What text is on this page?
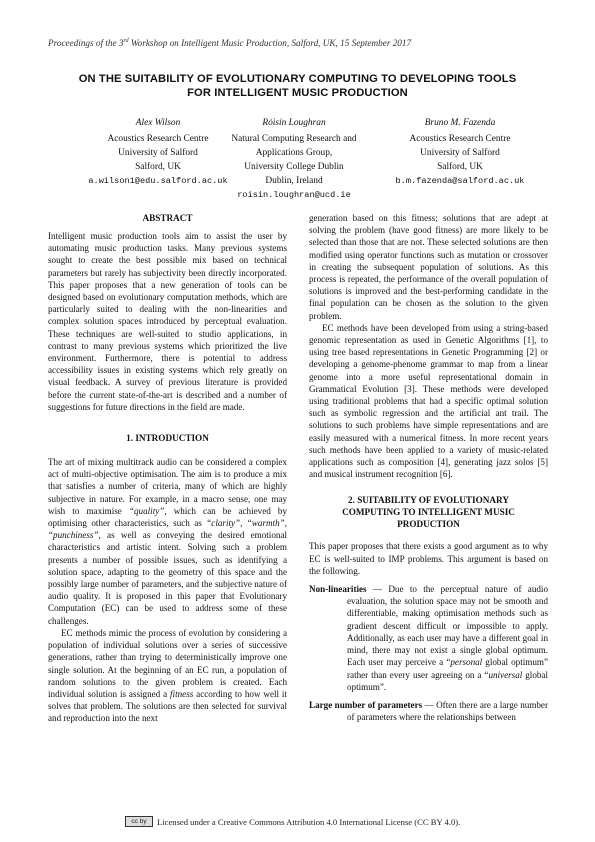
Proceedings of the 3rd Workshop on Intelligent Music Production, Salford, UK, 15 September 2017
ON THE SUITABILITY OF EVOLUTIONARY COMPUTING TO DEVELOPING TOOLS
FOR INTELLIGENT MUSIC PRODUCTION
Alex Wilson
Acoustics Research Centre
University of Salford
Salford, UK
a.wilson1@edu.salford.ac.uk
Róisín Loughran
Natural Computing Research and
Applications Group,
University College Dublin
Dublin, Ireland
roisin.loughran@ucd.ie
Bruno M. Fazenda
Acoustics Research Centre
University of Salford
Salford, UK
b.m.fazenda@salford.ac.uk
ABSTRACT

Intelligent music production tools aim to assist the user by automating music production tasks. Many previous systems sought to create the best possible mix based on technical parameters but rarely has subjectivity been directly incorporated. This paper proposes that a new generation of tools can be designed based on evolutionary computation methods, which are particularly suited to dealing with the non-linearities and complex solution spaces introduced by perceptual evaluation. These techniques are well-suited to studio applications, in contrast to many previous systems which prioritized the live environment. Furthermore, there is potential to address accessibility issues in existing systems which rely greatly on visual feedback. A survey of previous literature is provided before the current state-of-the-art is described and a number of suggestions for future directions in the field are made.

1. INTRODUCTION

The art of mixing multitrack audio can be considered a complex act of multi-objective optimisation. The aim is to produce a mix that satisfies a number of criteria, many of which are highly subjective in nature. For example, in a macro sense, one may wish to maximise “quality”, which can be achieved by optimising other characteristics, such as “clarity”, “warmth”, “punchiness”, as well as conveying the desired emotional characteristics and artistic intent. Solving such a problem presents a number of possible issues, such as identifying a solution space, adapting to the geometry of this space and the possibly large number of parameters, and the subjective nature of audio quality. It is proposed in this paper that Evolutionary Computation (EC) can be used to address some of these challenges.

EC methods mimic the process of evolution by considering a population of individual solutions over a series of successive generations, rather than trying to deterministically improve one single solution. At the beginning of an EC run, a population of random solutions to the given problem is created. Each individual solution is assigned a fitness according to how well it solves that problem. The solutions are then selected for survival and reproduction into the next

generation based on this fitness; solutions that are adept at solving the problem (have good fitness) are more likely to be selected than those that are not. These selected solutions are then modified using operator functions such as mutation or crossover in creating the subsequent population of solutions. As this process is repeated, the performance of the overall population of solutions is improved and the best-performing candidate in the final population can be chosen as the solution to the given problem.

EC methods have been developed from using a string-based genomic representation as used in Genetic Algorithms [1], to using tree based representations in Genetic Programming [2] or developing a genome-phenome grammar to map from a linear genome into a more useful representational domain in Grammatical Evolution [3]. These methods were developed using traditional problems that had a specific optimal solution such as symbolic regression and the artificial ant trail. The solutions to such problems have simple representations and are easily measured with a numerical fitness. In more recent years such methods have been applied to a variety of music-related applications such as composition [4], generating jazz solos [5] and musical instrument recognition [6].

2. SUITABILITY OF EVOLUTIONARY
COMPUTING TO INTELLIGENT MUSIC
PRODUCTION

This paper proposes that there exists a good argument as to why EC is well-suited to IMP problems. This argument is based on the following.

Non-linearities — Due to the perceptual nature of audio evaluation, the solution space may not be smooth and differentiable, making optimisation methods such as gradient descent difficult or impossible to apply. Additionally, as each user may have a different goal in mind, there may not exist a single global optimum. Each user may perceive a “personal global optimum” rather than every user agreeing on a “universal global optimum”.

Large number of parameters — Often there are a large number of parameters where the relationships between

cc by	Licensed under a Creative Commons Attribution 4.0 International License (CC BY 4.0).
